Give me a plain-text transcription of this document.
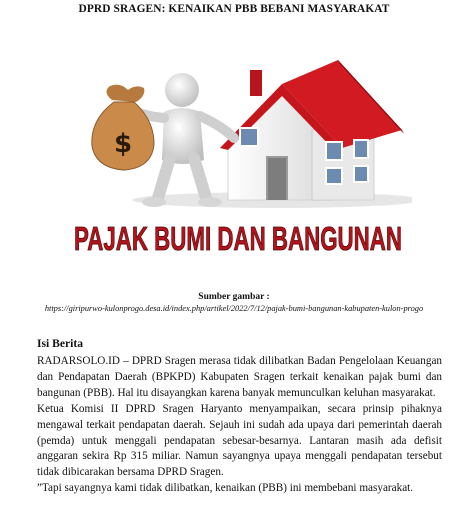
DPRD SRAGEN: KENAIKAN PBB BEBANI MASYARAKAT
$
PAJAK BUMI DAN BANGUNAN

Sumber gambar :

https://giripurwo-kulonprogo.desa.id/index.php/artikel/2022/7/12/pajak-bumi-bangunan-kabupaten-kulon-progo

Isi Berita

RADARSOLO.ID – DPRD Sragen merasa tidak dilibatkan Badan Pengelolaan Keuangan dan Pendapatan Daerah (BPKPD) Kabupaten Sragen terkait kenaikan pajak bumi dan bangunan (PBB). Hal itu disayangkan karena banyak memunculkan keluhan masyarakat.

Ketua Komisi II DPRD Sragen Haryanto menyampaikan, secara prinsip pihaknya mengawal terkait pendapatan daerah. Sejauh ini sudah ada upaya dari pemerintah daerah (pemda) untuk menggali pendapatan sebesar-besarnya. Lantaran masih ada defisit anggaran sekira Rp 315 miliar. Namun sayangnya upaya menggali pendapatan tersebut tidak dibicarakan bersama DPRD Sragen.

”Tapi sayangnya kami tidak dilibatkan, kenaikan (PBB) ini membebani masyarakat.
